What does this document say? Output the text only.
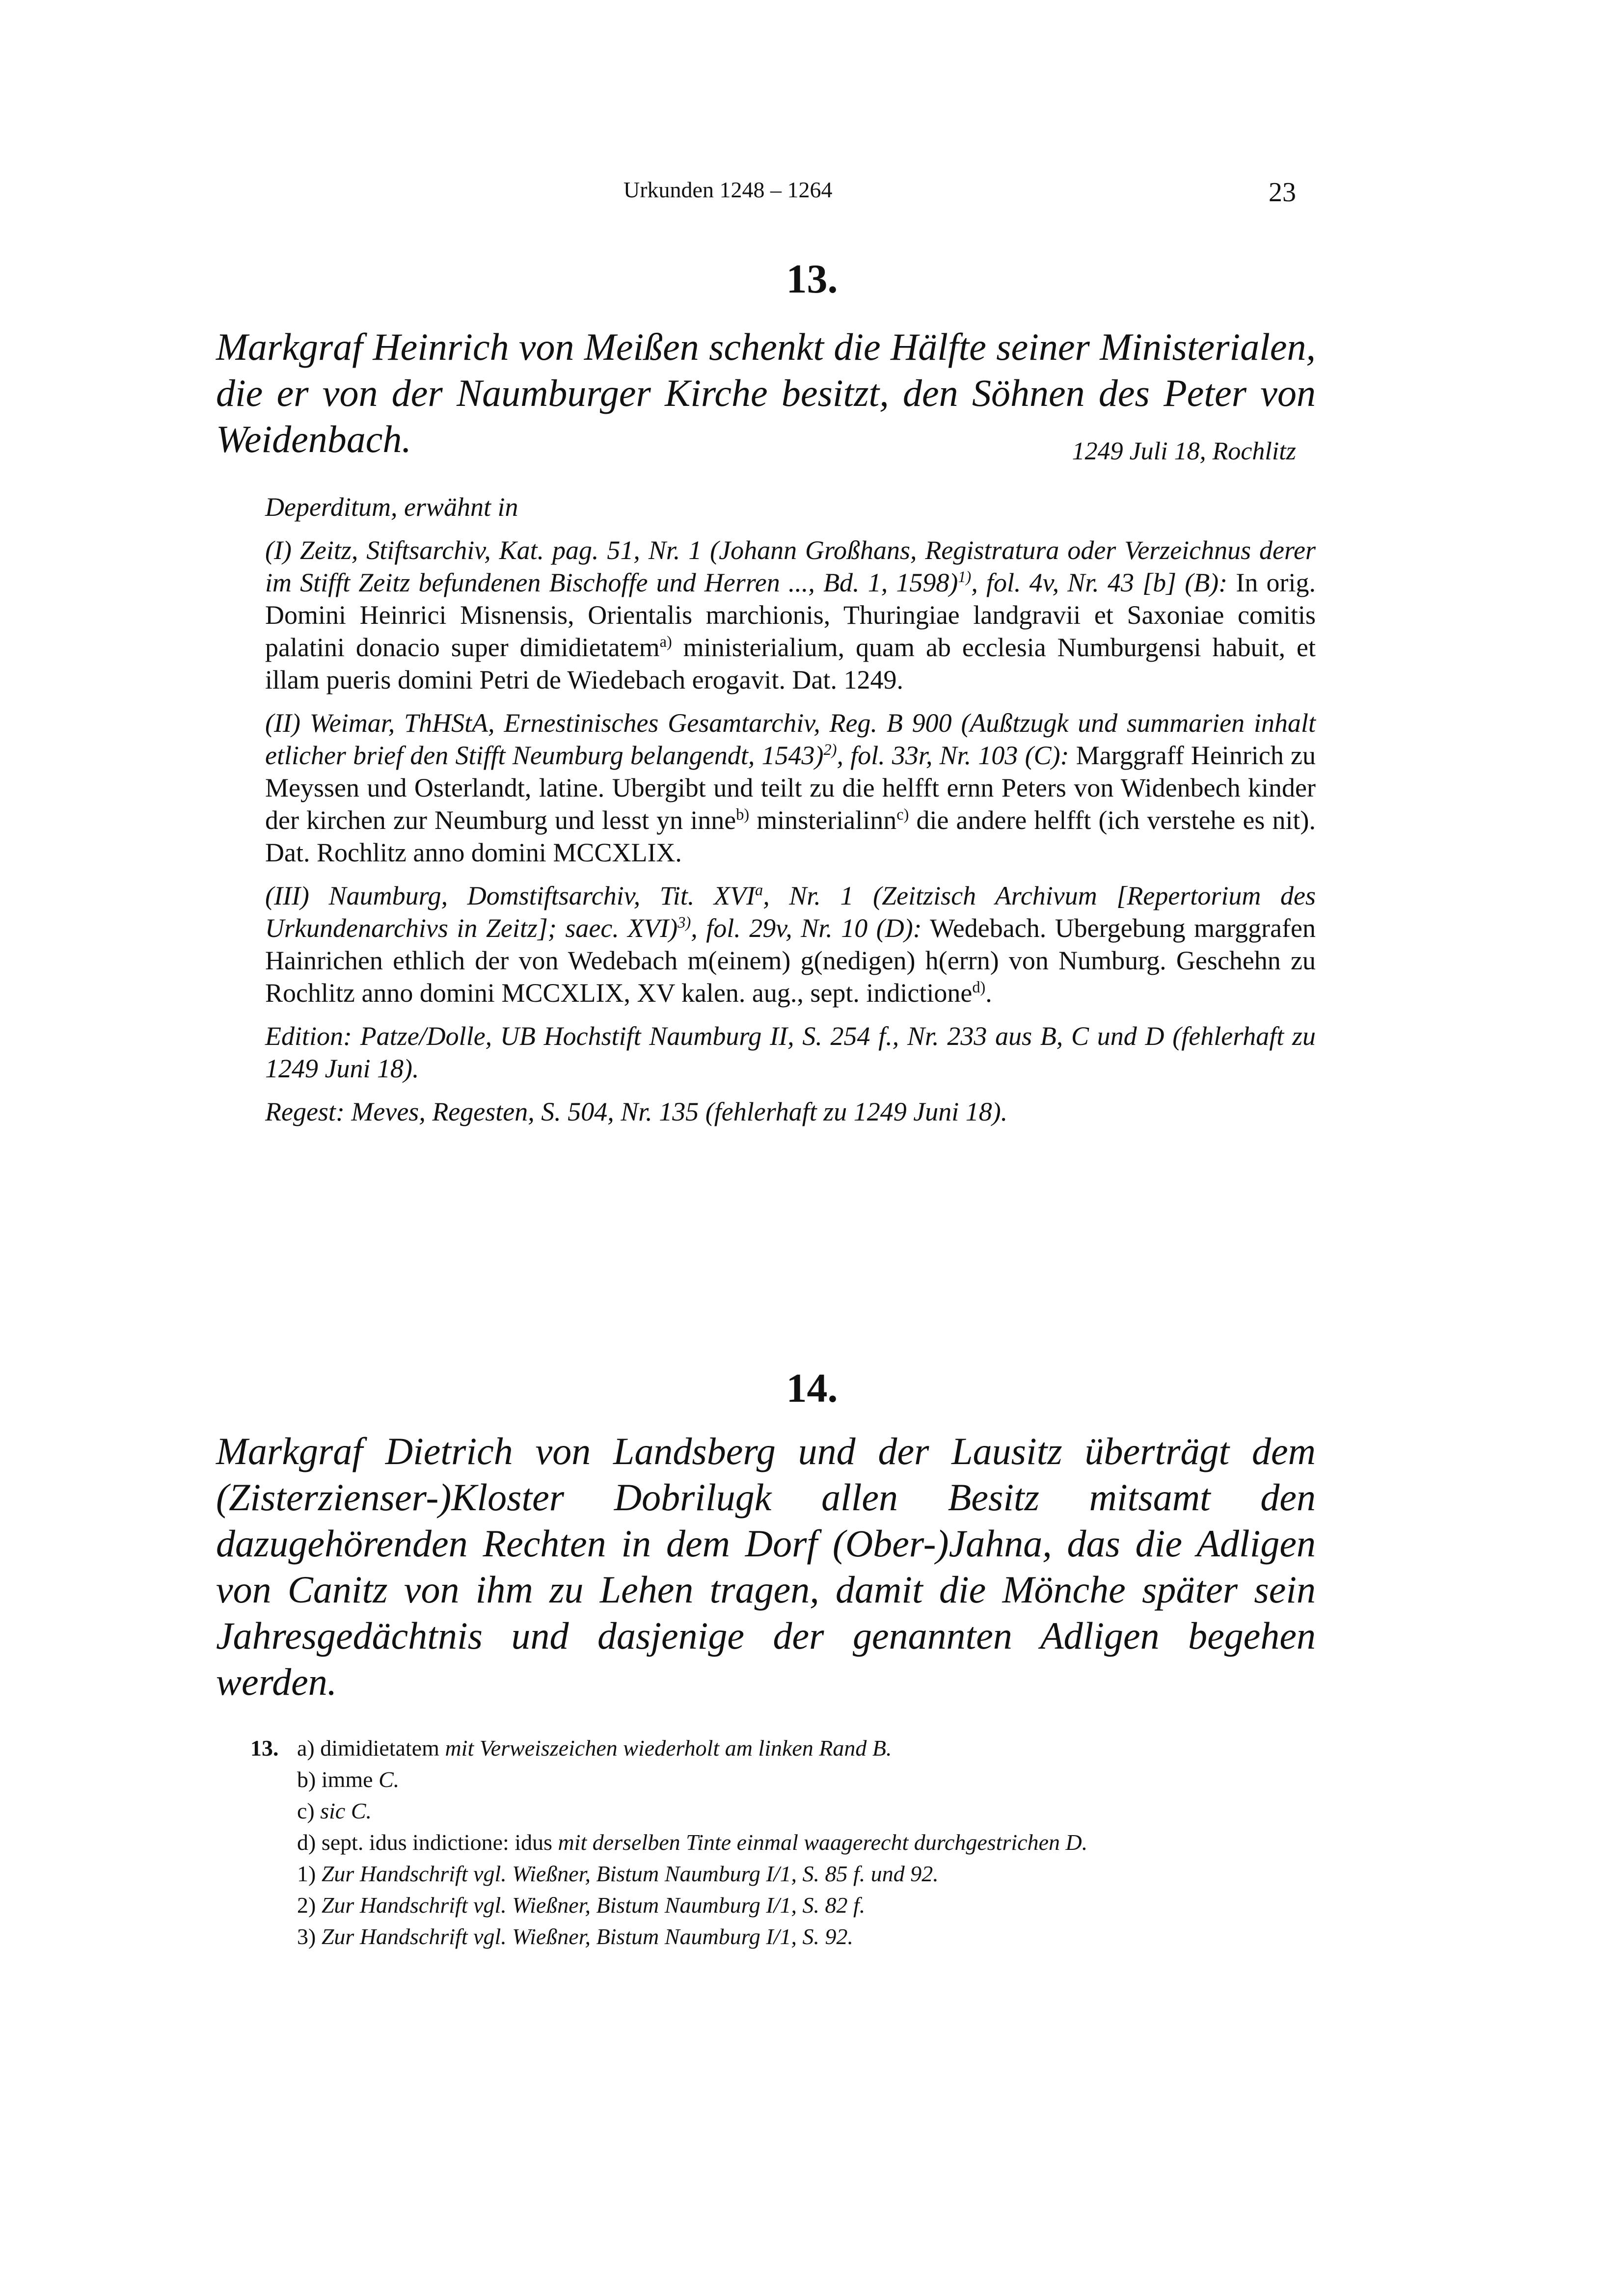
Urkunden 1248 – 1264	23
13.
Markgraf Heinrich von Meißen schenkt die Hälfte seiner Ministerialen, die er von der Naumburger Kirche besitzt, den Söhnen des Peter von Weidenbach.	1249 Juli 18, Rochlitz

Deperditum, erwähnt in

(I) Zeitz, Stiftsarchiv, Kat. pag. 51, Nr. 1 (Johann Großhans, Registratura oder Verzeichnus derer im Stifft Zeitz befundenen Bischoffe und Herren ..., Bd. 1, 1598)$^{1)}$, fol. 4v, Nr. 43 [b] (B): In orig. Domini Heinrici Misnensis, Orientalis marchionis, Thuringiae landgravii et Saxoniae comitis palatini donacio super dimidietatem$^{a)}$ ministerialium, quam ab ecclesia Numburgensi habuit, et illam pueris domini Petri de Wiedebach erogavit. Dat. 1249.

(II) Weimar, ThHStA, Ernestinisches Gesamtarchiv, Reg. B 900 (Außtzugk und summarien inhalt etlicher brief den Stifft Neumburg belangendt, 1543)$^{2)}$, fol. 33r, Nr. 103 (C): Marggraff Heinrich zu Meyssen und Osterlandt, latine. Ubergibt und teilt zu die helfft ernn Peters von Widenbech kinder der kirchen zur Neumburg und lesst yn inne$^{b)}$ minsterialinn$^{c)}$ die andere helfft (ich verstehe es nit). Dat. Rochlitz anno domini MCCXLIX.

(III) Naumburg, Domstiftsarchiv, Tit. XVI$^a$, Nr. 1 (Zeitzisch Archivum [Repertorium des Urkundenarchivs in Zeitz]; saec. XVI)$^{3)}$, fol. 29v, Nr. 10 (D): Wedebach. Ubergebung marggrafen Hainrichen ethlich der von Wedebach m(einem) g(nedigen) h(errn) von Numburg. Geschehn zu Rochlitz anno domini MCCXLIX, XV kalen. aug., sept. indictione$^{d)}$.

Edition: Patze/Dolle, UB Hochstift Naumburg II, S. 254 f., Nr. 233 aus B, C und D (fehlerhaft zu 1249 Juni 18).

Regest: Meves, Regesten, S. 504, Nr. 135 (fehlerhaft zu 1249 Juni 18).

14.
Markgraf Dietrich von Landsberg und der Lausitz überträgt dem (Zisterzienser-)Kloster Dobrilugk allen Besitz mitsamt den dazugehörenden Rechten in dem Dorf (Ober-)Jahna, das die Adligen von Canitz von ihm zu Lehen tragen, damit die Mönche später sein Jahresgedächtnis und dasjenige der genannten Adligen begehen werden.
13. a) dimidietatem mit Verweiszeichen wiederholt am linken Rand B.
b) imme C.
c) sic C.
d) sept. idus indictione: idus mit derselben Tinte einmal waagerecht durchgestrichen D.
1) Zur Handschrift vgl. Wießner, Bistum Naumburg I/1, S. 85 f. und 92.
2) Zur Handschrift vgl. Wießner, Bistum Naumburg I/1, S. 82 f.
3) Zur Handschrift vgl. Wießner, Bistum Naumburg I/1, S. 92.
